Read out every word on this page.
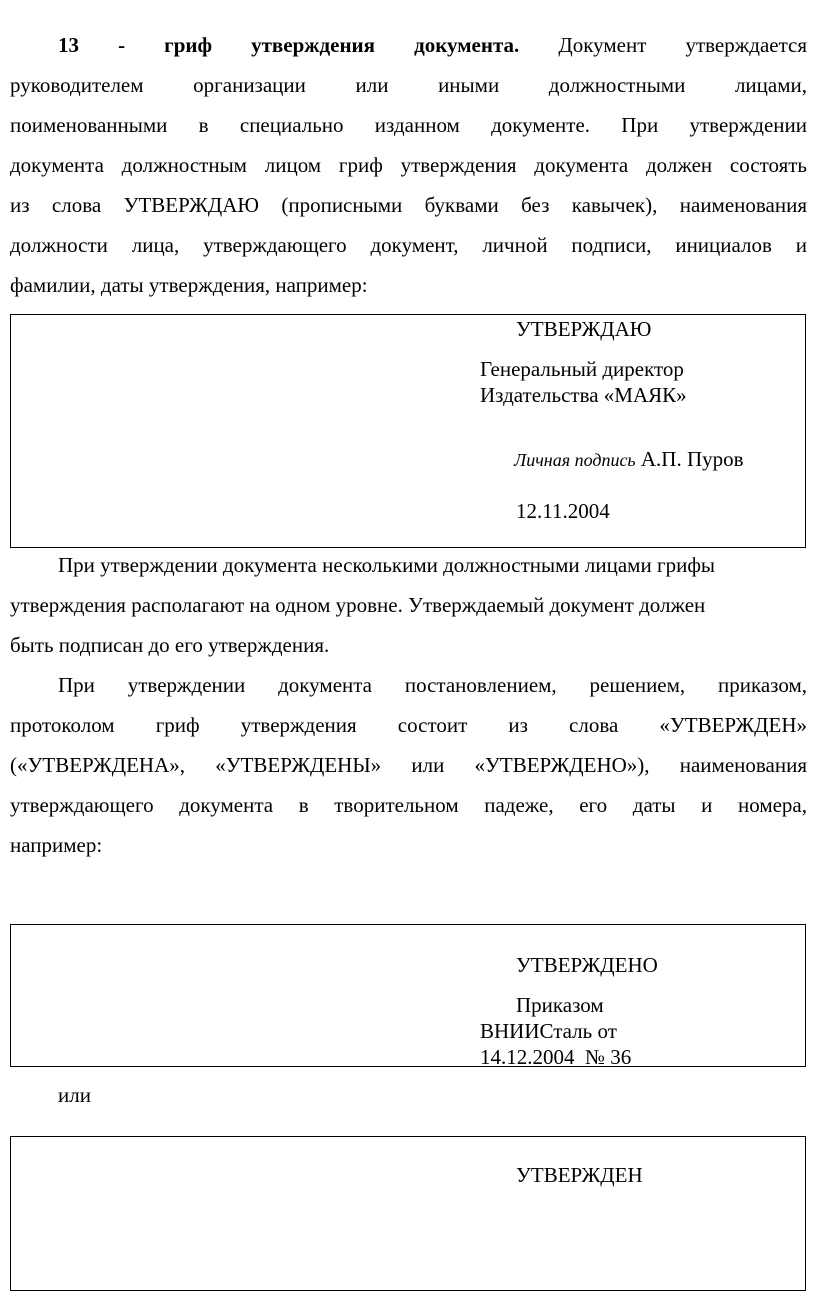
13 - гриф утверждения документа. Документ утверждается
руководителем организации или иными должностными лицами,
поименованными в специально изданном документе. При утверждении
документа должностным лицом гриф утверждения документа должен состоять
из слова УТВЕРЖДАЮ (прописными буквами без кавычек), наименования
должности лица, утверждающего документ, личной подписи, инициалов и
фамилии, даты утверждения, например:
УТВЕРЖДАЮ
Генеральный директор
Издательства «МАЯК»
Личная подпись А.П. Пуров
12.11.2004
При утверждении документа несколькими должностными лицами грифы
утверждения располагают на одном уровне. Утверждаемый документ должен
быть подписан до его утверждения.
При утверждении документа постановлением, решением, приказом,
протоколом гриф утверждения состоит из слова «УТВЕРЖДЕН»
(«УТВЕРЖДЕНА», «УТВЕРЖДЕНЫ» или «УТВЕРЖДЕНО»), наименования
утверждающего документа в творительном падеже, его даты и номера,
например:
УТВЕРЖДЕНО
Приказом
ВНИИСталь от
14.12.2004  № 36
или
УТВЕРЖДЕН
